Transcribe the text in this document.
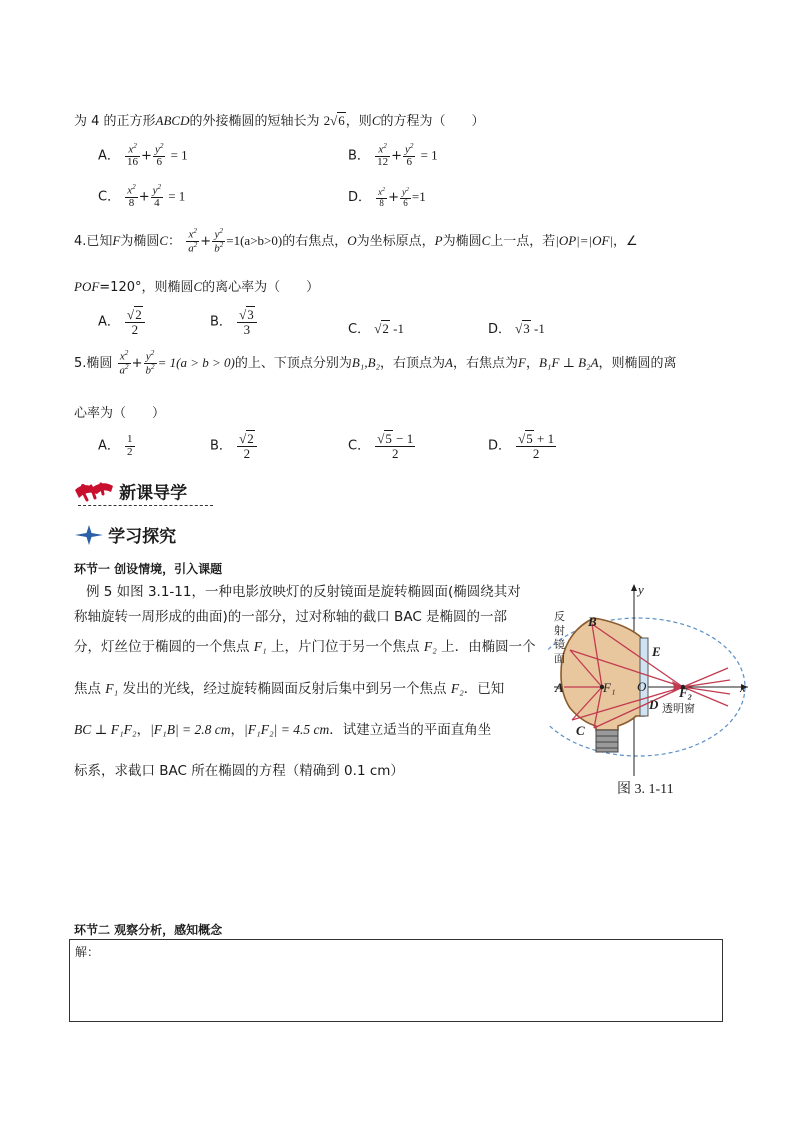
为 4 的正方形ABCD的外接椭圆的短轴长为 2√6，则C的方程为（　　）
A． $\frac{x^2}{16} + \frac{y^2}{6} = 1$	B． $\frac{x^2}{12} + \frac{y^2}{6} = 1$
C． $\frac{x^2}{8} + \frac{y^2}{4} = 1$	D． $\frac{x^2}{8} + \frac{y^2}{6} =1$
4.已知F为椭圆C： $\frac{x^2}{a^2} + \frac{y^2}{b^2} =1(a>b>0)$的右焦点，O为坐标原点，P为椭圆C上一点，若|OP|=|OF|，∠
POF=120°，则椭圆C的离心率为（　　）
A． $\frac{√2}{2}$	B． $\frac{√3}{3}$	C． √2 -1	D． √3 -1
5.椭圆 $\frac{x^2}{a^2} + \frac{y^2}{b^2} = 1(a > b > 0)$的上、下顶点分别为B₁,B₂，右顶点为A，右焦点为F，B₁F ⊥ B₂A，则椭圆的离
心率为（　　）
A． $\frac{1}{2}$	B． $\frac{√2}{2}$	C． $\frac{√5 - 1}{2}$	D． $\frac{√5 + 1}{2}$
新课导学
学习探究
环节一 创设情境，引入课题
例 5 如图 3.1-11，一种电影放映灯的反射镜面是旋转椭圆面(椭圆绕其对
称轴旋转一周形成的曲面)的一部分，过对称轴的截口 BAC 是椭圆的一部
分，灯丝位于椭圆的一个焦点 F₁ 上，片门位于另一个焦点 F₂ 上．由椭圆一个
焦点 F₁ 发出的光线，经过旋转椭圆面反射后集中到另一个焦点 F₂．已知
BC ⊥ F₁F₂，|F₁B| = 2.8 cm，|F₁F₂| = 4.5 cm．试建立适当的平面直角坐
标系，求截口 BAC 所在椭圆的方程（精确到 0.1 cm）
y
x
B
E
A	F₁ O	F₂
D
C
反
射
镜
面
透明窗
图 3. 1-11
环节二 观察分析，感知概念
解：
